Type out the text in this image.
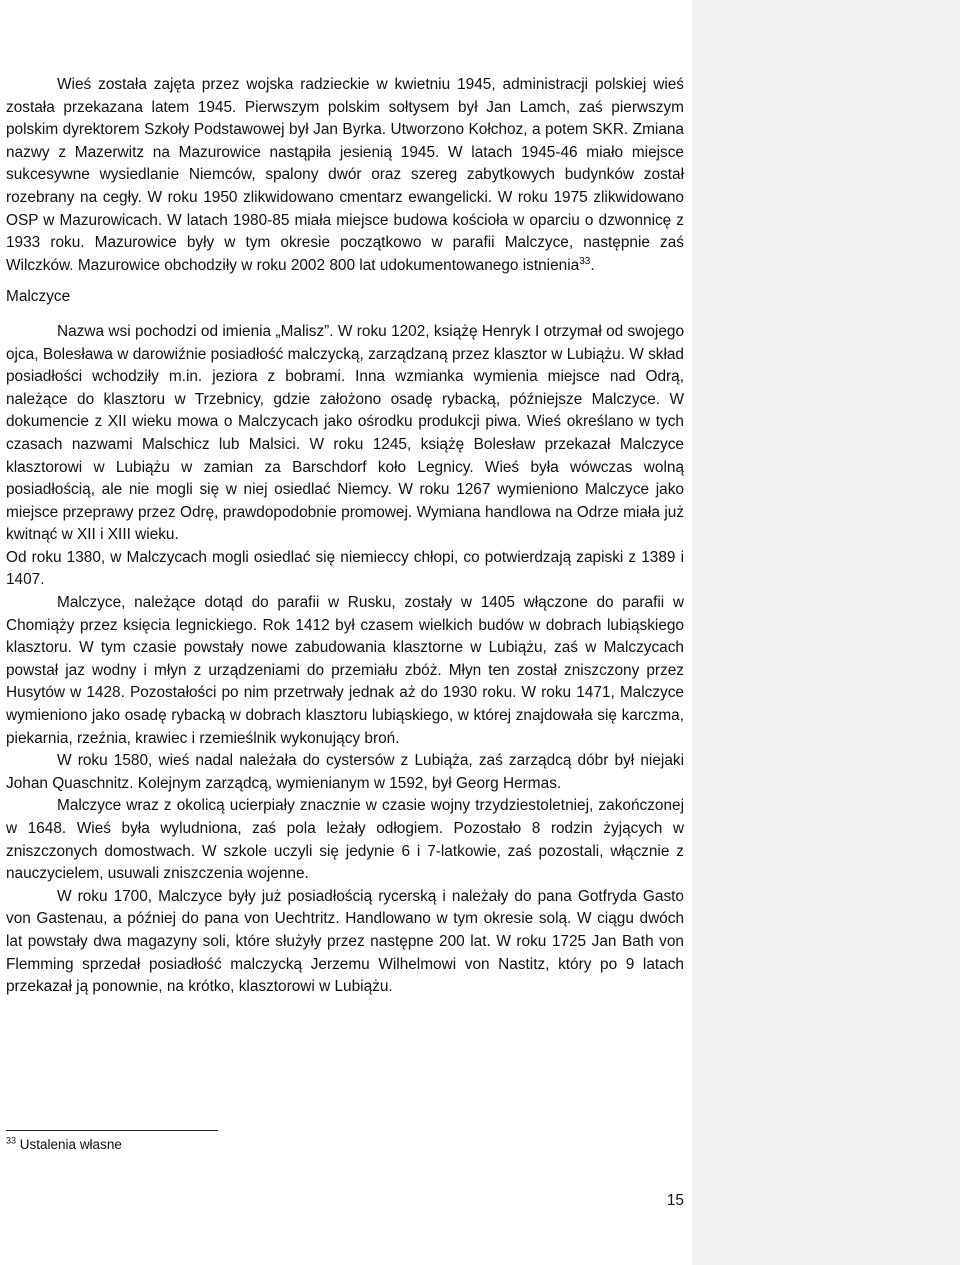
Wieś została zajęta przez wojska radzieckie w kwietniu 1945, administracji polskiej wieś została przekazana latem 1945. Pierwszym polskim sołtysem był Jan Lamch, zaś pierwszym polskim dyrektorem Szkoły Podstawowej był Jan Byrka. Utworzono Kołchoz, a potem SKR. Zmiana nazwy z Mazerwitz na Mazurowice nastąpiła jesienią 1945. W latach 1945-46 miało miejsce sukcesywne wysiedlanie Niemców, spalony dwór oraz szereg zabytkowych budynków został rozebrany na cegły. W roku 1950 zlikwidowano cmentarz ewangelicki. W roku 1975 zlikwidowano OSP w Mazurowicach. W latach 1980-85 miała miejsce budowa kościoła w oparciu o dzwonnicę z 1933 roku. Mazurowice były w tym okresie początkowo w parafii Malczyce, następnie zaś Wilczków. Mazurowice obchodziły w roku 2002 800 lat udokumentowanego istnienia$^{33}$.

Malczyce

Nazwa wsi pochodzi od imienia „Malisz”. W roku 1202, książę Henryk I otrzymał od swojego ojca, Bolesława w darowiźnie posiadłość malczycką, zarządzaną przez klasztor w Lubiążu. W skład posiadłości wchodziły m.in. jeziora z bobrami. Inna wzmianka wymienia miejsce nad Odrą, należące do klasztoru w Trzebnicy, gdzie założono osadę rybacką, późniejsze Malczyce. W dokumencie z XII wieku mowa o Malczycach jako ośrodku produkcji piwa. Wieś określano w tych czasach nazwami Malschicz lub Malsici. W roku 1245, książę Bolesław przekazał Malczyce klasztorowi w Lubiążu w zamian za Barschdorf koło Legnicy. Wieś była wówczas wolną posiadłością, ale nie mogli się w niej osiedlać Niemcy. W roku 1267 wymieniono Malczyce jako miejsce przeprawy przez Odrę, prawdopodobnie promowej. Wymiana handlowa na Odrze miała już kwitnąć w XII i XIII wieku.

Od roku 1380, w Malczycach mogli osiedlać się niemieccy chłopi, co potwierdzają zapiski z 1389 i 1407.

Malczyce, należące dotąd do parafii w Rusku, zostały w 1405 włączone do parafii w Chomiąży przez księcia legnickiego. Rok 1412 był czasem wielkich budów w dobrach lubiąskiego klasztoru. W tym czasie powstały nowe zabudowania klasztorne w Lubiążu, zaś w Malczycach powstał jaz wodny i młyn z urządzeniami do przemiału zbóż. Młyn ten został zniszczony przez Husytów w 1428. Pozostałości po nim przetrwały jednak aż do 1930 roku. W roku 1471, Malczyce wymieniono jako osadę rybacką w dobrach klasztoru lubiąskiego, w której znajdowała się karczma, piekarnia, rzeźnia, krawiec i rzemieślnik wykonujący broń.

W roku 1580, wieś nadal należała do cystersów z Lubiąża, zaś zarządcą dóbr był niejaki Johan Quaschnitz. Kolejnym zarządcą, wymienianym w 1592, był Georg Hermas.

Malczyce wraz z okolicą ucierpiały znacznie w czasie wojny trzydziestoletniej, zakończonej w 1648. Wieś była wyludniona, zaś pola leżały odłogiem. Pozostało 8 rodzin żyjących w zniszczonych domostwach. W szkole uczyli się jedynie 6 i 7-latkowie, zaś pozostali, włącznie z nauczycielem, usuwali zniszczenia wojenne.

W roku 1700, Malczyce były już posiadłością rycerską i należały do pana Gotfryda Gasto von Gastenau, a później do pana von Uechtritz. Handlowano w tym okresie solą. W ciągu dwóch lat powstały dwa magazyny soli, które służyły przez następne 200 lat. W roku 1725 Jan Bath von Flemming sprzedał posiadłość malczycką Jerzemu Wilhelmowi von Nastitz, który po 9 latach przekazał ją ponownie, na krótko, klasztorowi w Lubiążu.

$^{33}$ Ustalenia własne
15
